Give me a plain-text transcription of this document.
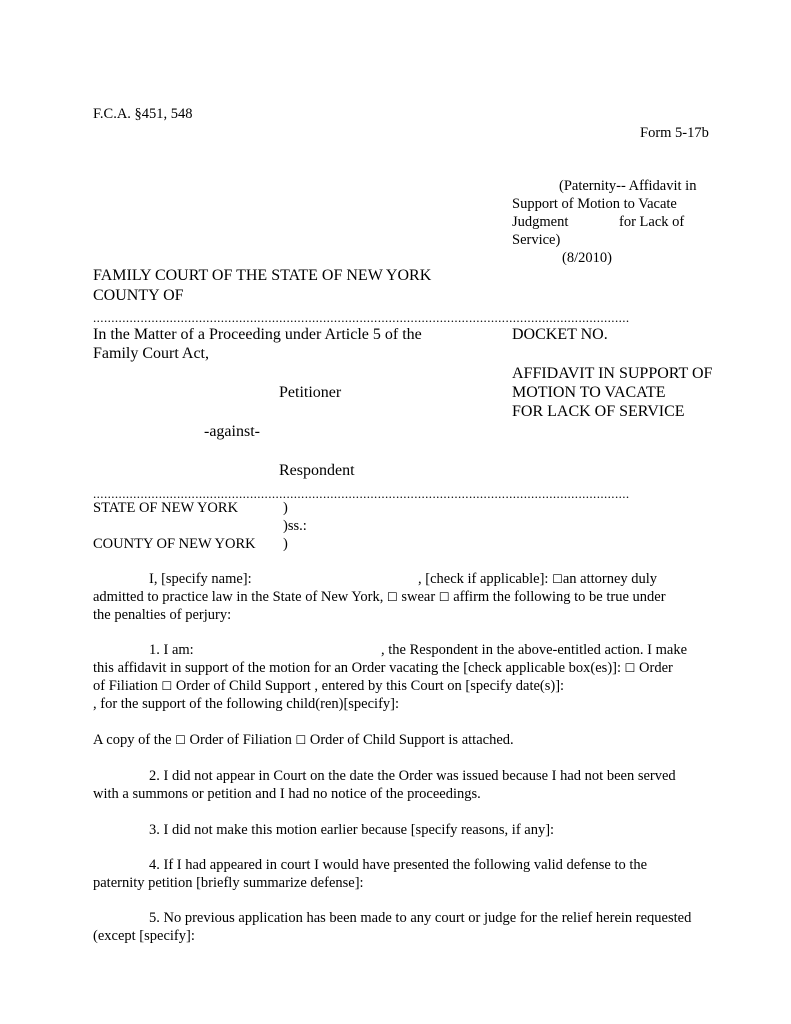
F.C.A. §451, 548
Form 5-17b
(Paternity-- Affidavit in
Support of Motion to Vacate
Judgment	for Lack of
Service)
(8/2010)
FAMILY COURT OF THE STATE OF NEW YORK
COUNTY OF
...................................................................................................................................................
In the Matter of a Proceeding under Article 5 of the
Family Court Act,
Petitioner
-against-
Respondent
...................................................................................................................................................
DOCKET NO.
AFFIDAVIT IN SUPPORT OF
MOTION TO VACATE
FOR LACK OF SERVICE
STATE OF NEW YORK	)
)ss.:
COUNTY OF NEW YORK )
I, [specify name]:	, [check if applicable]: ☐an attorney duly
admitted to practice law in the State of New York, ☐ swear ☐ affirm the following to be true under
the penalties of perjury:
1. I am:	, the Respondent in the above-entitled action. I make
this affidavit in support of the motion for an Order vacating the [check applicable box(es)]: ☐ Order
of Filiation ☐ Order of Child Support , entered by this Court on [specify date(s)]:
, for the support of the following child(ren)[specify]:
A copy of the ☐ Order of Filiation ☐ Order of Child Support is attached.
2. I did not appear in Court on the date the Order was issued because I had not been served
with a summons or petition and I had no notice of the proceedings.
3. I did not make this motion earlier because [specify reasons, if any]:
4. If I had appeared in court I would have presented the following valid defense to the
paternity petition [briefly summarize defense]:
5. No previous application has been made to any court or judge for the relief herein requested
(except [specify]:
